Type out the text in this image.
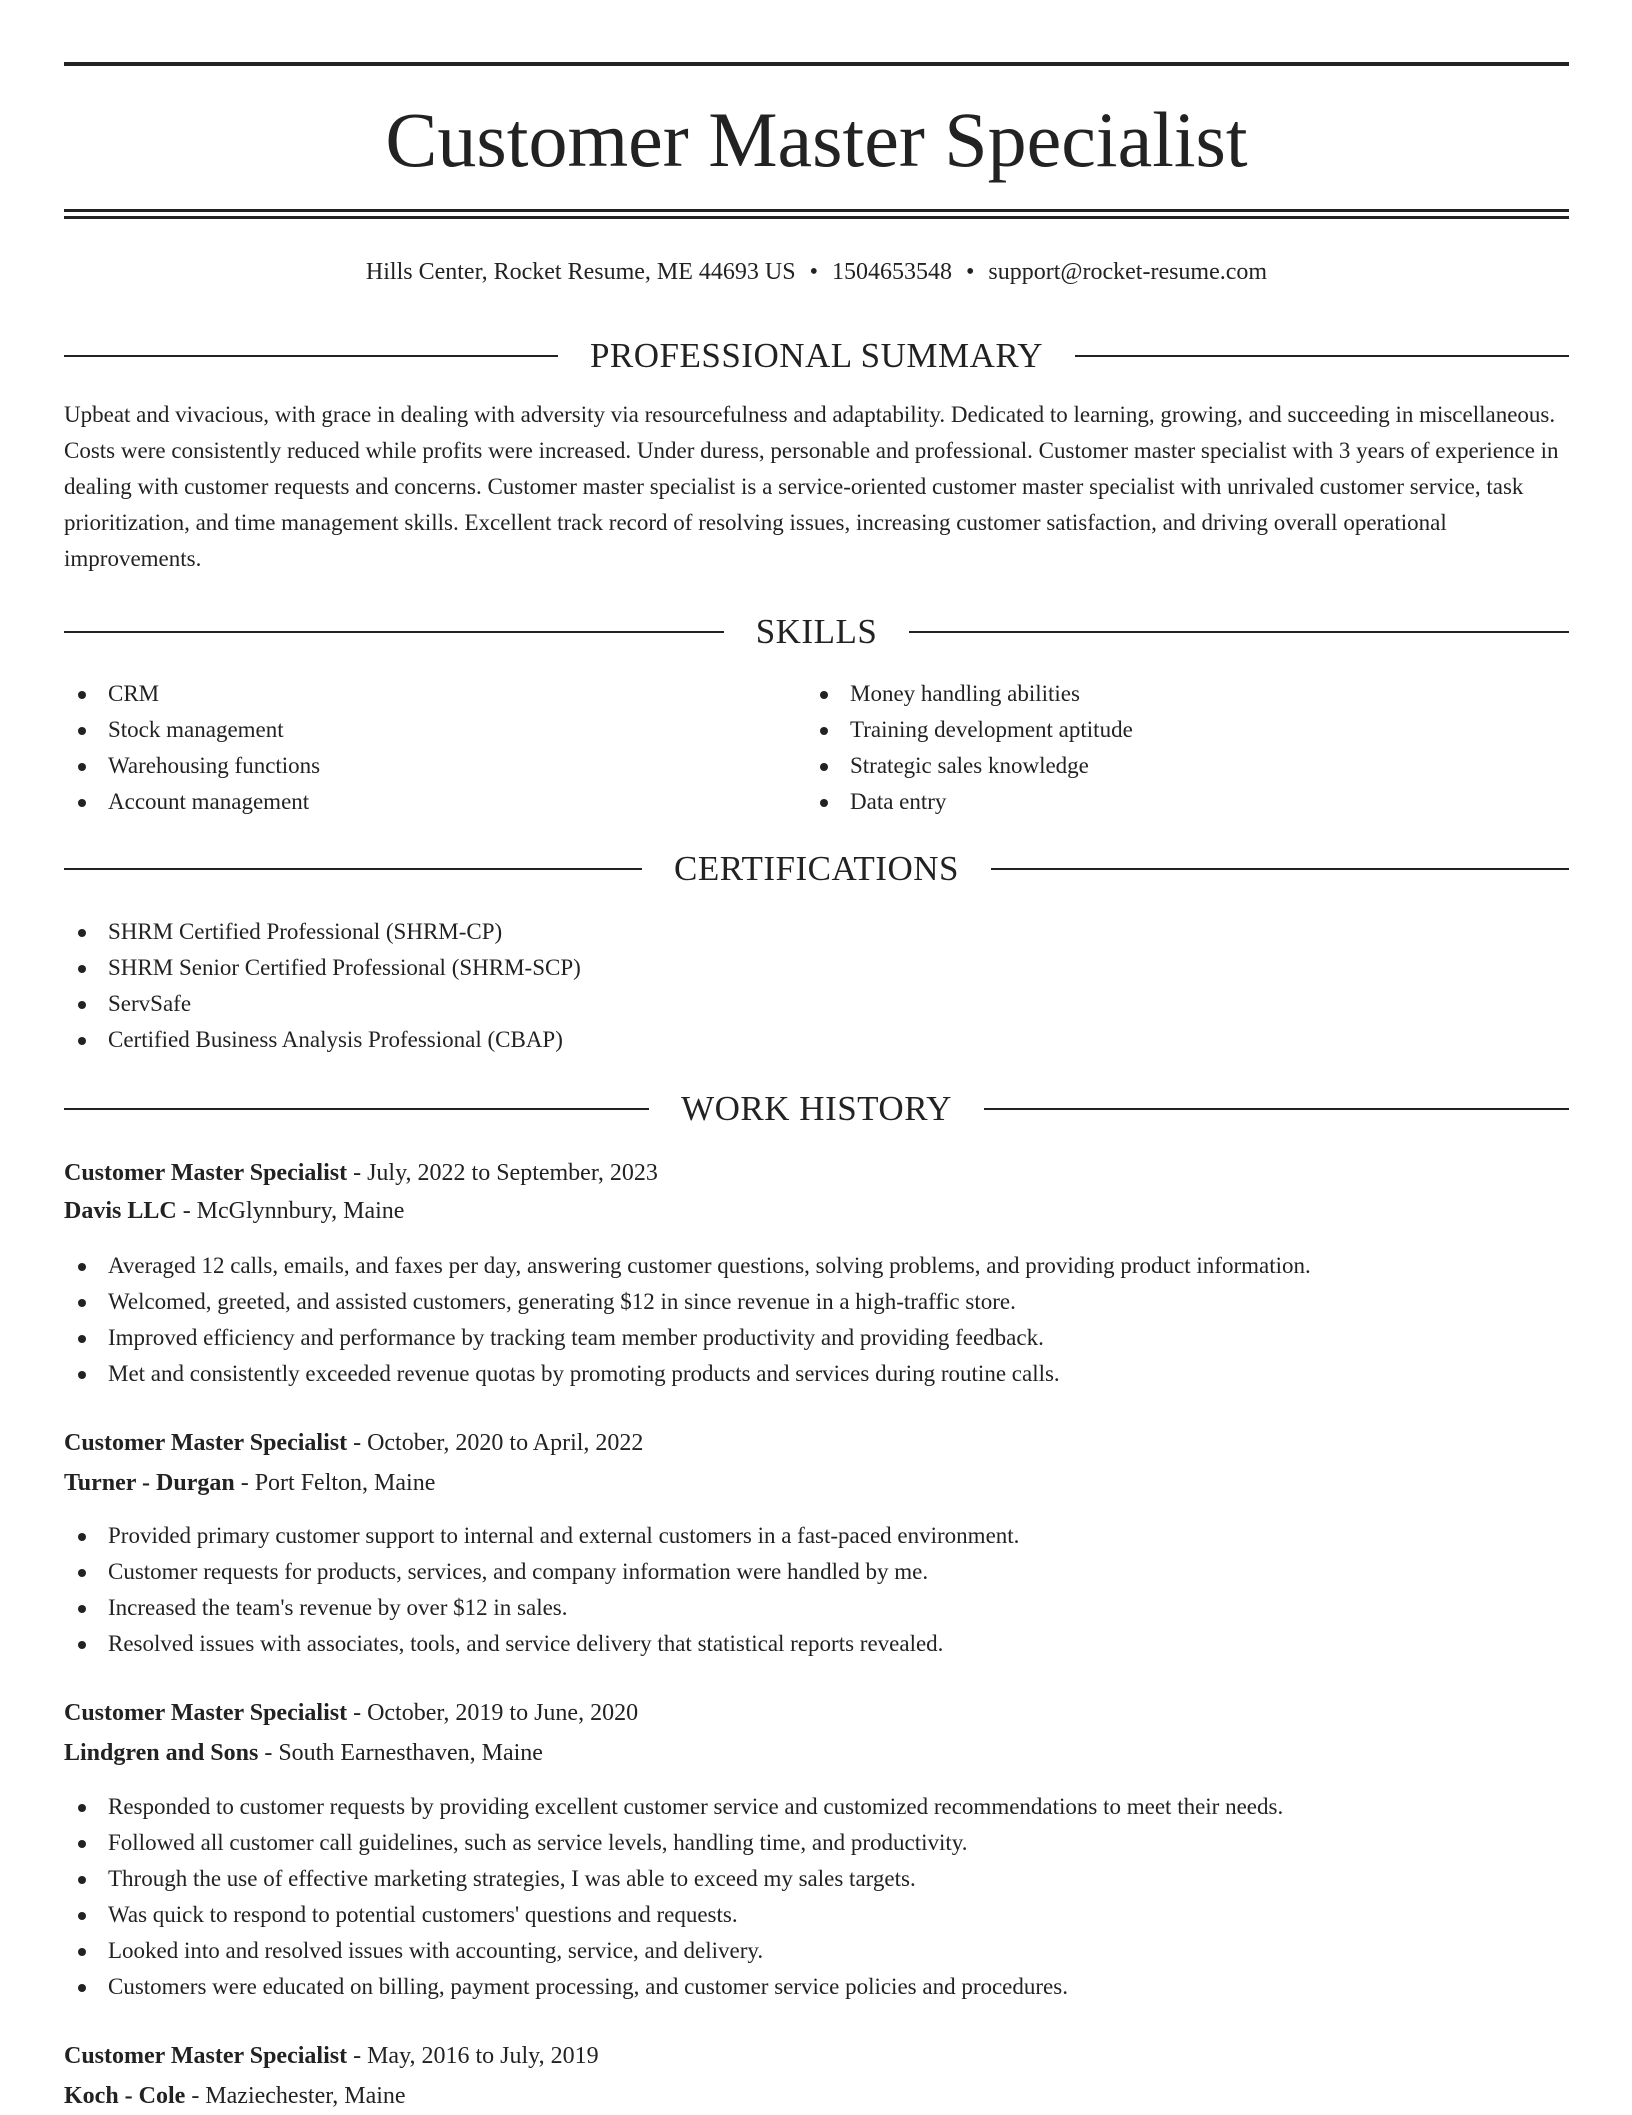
Customer Master Specialist
Hills Center, Rocket Resume, ME 44693 US • 1504653548 • support@rocket-resume.com
PROFESSIONAL SUMMARY

Upbeat and vivacious, with grace in dealing with adversity via resourcefulness and adaptability. Dedicated to learning, growing, and succeeding in miscellaneous. Costs were consistently reduced while profits were increased. Under duress, personable and professional. Customer master specialist with 3 years of experience in dealing with customer requests and concerns. Customer master specialist is a service-oriented customer master specialist with unrivaled customer service, task prioritization, and time management skills. Excellent track record of resolving issues, increasing customer satisfaction, and driving overall operational improvements.

SKILLS
CRM
Stock management
Warehousing functions
Account management
Money handling abilities
Training development aptitude
Strategic sales knowledge
Data entry
CERTIFICATIONS
SHRM Certified Professional (SHRM-CP)
SHRM Senior Certified Professional (SHRM-SCP)
ServSafe
Certified Business Analysis Professional (CBAP)
WORK HISTORY
Customer Master Specialist - July, 2022 to September, 2023
Davis LLC - McGlynnbury, Maine
Averaged 12 calls, emails, and faxes per day, answering customer questions, solving problems, and providing product information.
Welcomed, greeted, and assisted customers, generating $12 in since revenue in a high-traffic store.
Improved efficiency and performance by tracking team member productivity and providing feedback.
Met and consistently exceeded revenue quotas by promoting products and services during routine calls.
Customer Master Specialist - October, 2020 to April, 2022
Turner - Durgan - Port Felton, Maine
Provided primary customer support to internal and external customers in a fast-paced environment.
Customer requests for products, services, and company information were handled by me.
Increased the team's revenue by over $12 in sales.
Resolved issues with associates, tools, and service delivery that statistical reports revealed.
Customer Master Specialist - October, 2019 to June, 2020
Lindgren and Sons - South Earnesthaven, Maine
Responded to customer requests by providing excellent customer service and customized recommendations to meet their needs.
Followed all customer call guidelines, such as service levels, handling time, and productivity.
Through the use of effective marketing strategies, I was able to exceed my sales targets.
Was quick to respond to potential customers' questions and requests.
Looked into and resolved issues with accounting, service, and delivery.
Customers were educated on billing, payment processing, and customer service policies and procedures.
Customer Master Specialist - May, 2016 to July, 2019
Koch - Cole - Maziechester, Maine
